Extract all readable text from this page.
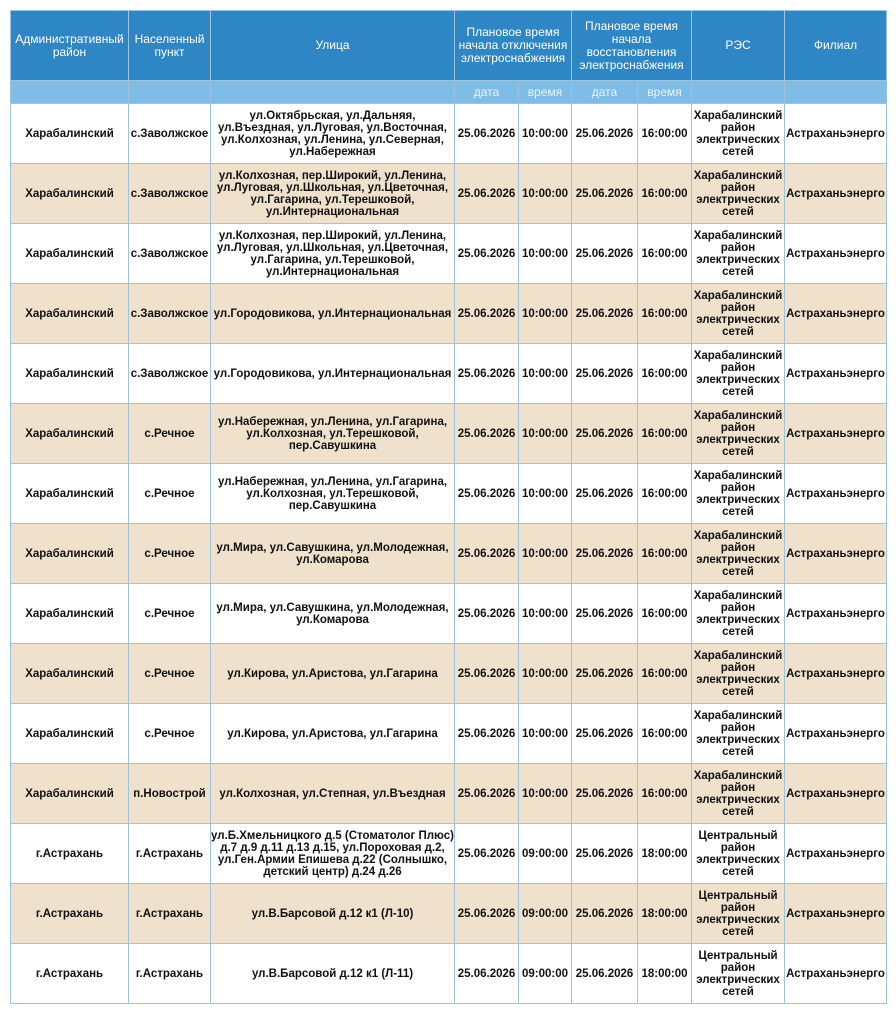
Административный район	Населенный пункт	Улица	Плановое время начала отключения электроснабжения		Плановое время начала восстановления электроснабжения		РЭС	Филиал
			дата	время	дата	время		
Харабалинский	с.Заволжское	ул.Октябрьская, ул.Дальняя, ул.Въездная, ул.Луговая, ул.Восточная, ул.Колхозная, ул.Ленина, ул.Северная, ул.Набережная	25.06.2026	10:00:00	25.06.2026	16:00:00	Харабалинский район электрических сетей	Астраханьэнерго
Харабалинский	с.Заволжское	ул.Колхозная, пер.Широкий, ул.Ленина, ул.Луговая, ул.Школьная, ул.Цветочная, ул.Гагарина, ул.Терешковой, ул.Интернациональная	25.06.2026	10:00:00	25.06.2026	16:00:00	Харабалинский район электрических сетей	Астраханьэнерго
Харабалинский	с.Заволжское	ул.Колхозная, пер.Широкий, ул.Ленина, ул.Луговая, ул.Школьная, ул.Цветочная, ул.Гагарина, ул.Терешковой, ул.Интернациональная	25.06.2026	10:00:00	25.06.2026	16:00:00	Харабалинский район электрических сетей	Астраханьэнерго
Харабалинский	с.Заволжское	ул.Городовикова, ул.Интернациональная	25.06.2026	10:00:00	25.06.2026	16:00:00	Харабалинский район электрических сетей	Астраханьэнерго
Харабалинский	с.Заволжское	ул.Городовикова, ул.Интернациональная	25.06.2026	10:00:00	25.06.2026	16:00:00	Харабалинский район электрических сетей	Астраханьэнерго
Харабалинский	с.Речное	ул.Набережная, ул.Ленина, ул.Гагарина, ул.Колхозная, ул.Терешковой, пер.Савушкина	25.06.2026	10:00:00	25.06.2026	16:00:00	Харабалинский район электрических сетей	Астраханьэнерго
Харабалинский	с.Речное	ул.Набережная, ул.Ленина, ул.Гагарина, ул.Колхозная, ул.Терешковой, пер.Савушкина	25.06.2026	10:00:00	25.06.2026	16:00:00	Харабалинский район электрических сетей	Астраханьэнерго
Харабалинский	с.Речное	ул.Мира, ул.Савушкина, ул.Молодежная, ул.Комарова	25.06.2026	10:00:00	25.06.2026	16:00:00	Харабалинский район электрических сетей	Астраханьэнерго
Харабалинский	с.Речное	ул.Мира, ул.Савушкина, ул.Молодежная, ул.Комарова	25.06.2026	10:00:00	25.06.2026	16:00:00	Харабалинский район электрических сетей	Астраханьэнерго
Харабалинский	с.Речное	ул.Кирова, ул.Аристова, ул.Гагарина	25.06.2026	10:00:00	25.06.2026	16:00:00	Харабалинский район электрических сетей	Астраханьэнерго
Харабалинский	с.Речное	ул.Кирова, ул.Аристова, ул.Гагарина	25.06.2026	10:00:00	25.06.2026	16:00:00	Харабалинский район электрических сетей	Астраханьэнерго
Харабалинский	п.Новострой	ул.Колхозная, ул.Степная, ул.Въездная	25.06.2026	10:00:00	25.06.2026	16:00:00	Харабалинский район электрических сетей	Астраханьэнерго
г.Астрахань	г.Астрахань	ул.Б.Хмельницкого д.5 (Стоматолог Плюс) д.7 д.9 д.11 д.13 д.15, ул.Пороховая д.2, ул.Ген.Армии Епишева д.22 (Солнышко, детский центр) д.24 д.26	25.06.2026	09:00:00	25.06.2026	18:00:00	Центральный район электрических сетей	Астраханьэнерго
г.Астрахань	г.Астрахань	ул.В.Барсовой д.12 к1 (Л-10)	25.06.2026	09:00:00	25.06.2026	18:00:00	Центральный район электрических сетей	Астраханьэнерго
г.Астрахань	г.Астрахань	ул.В.Барсовой д.12 к1 (Л-11)	25.06.2026	09:00:00	25.06.2026	18:00:00	Центральный район электрических сетей	Астраханьэнерго
